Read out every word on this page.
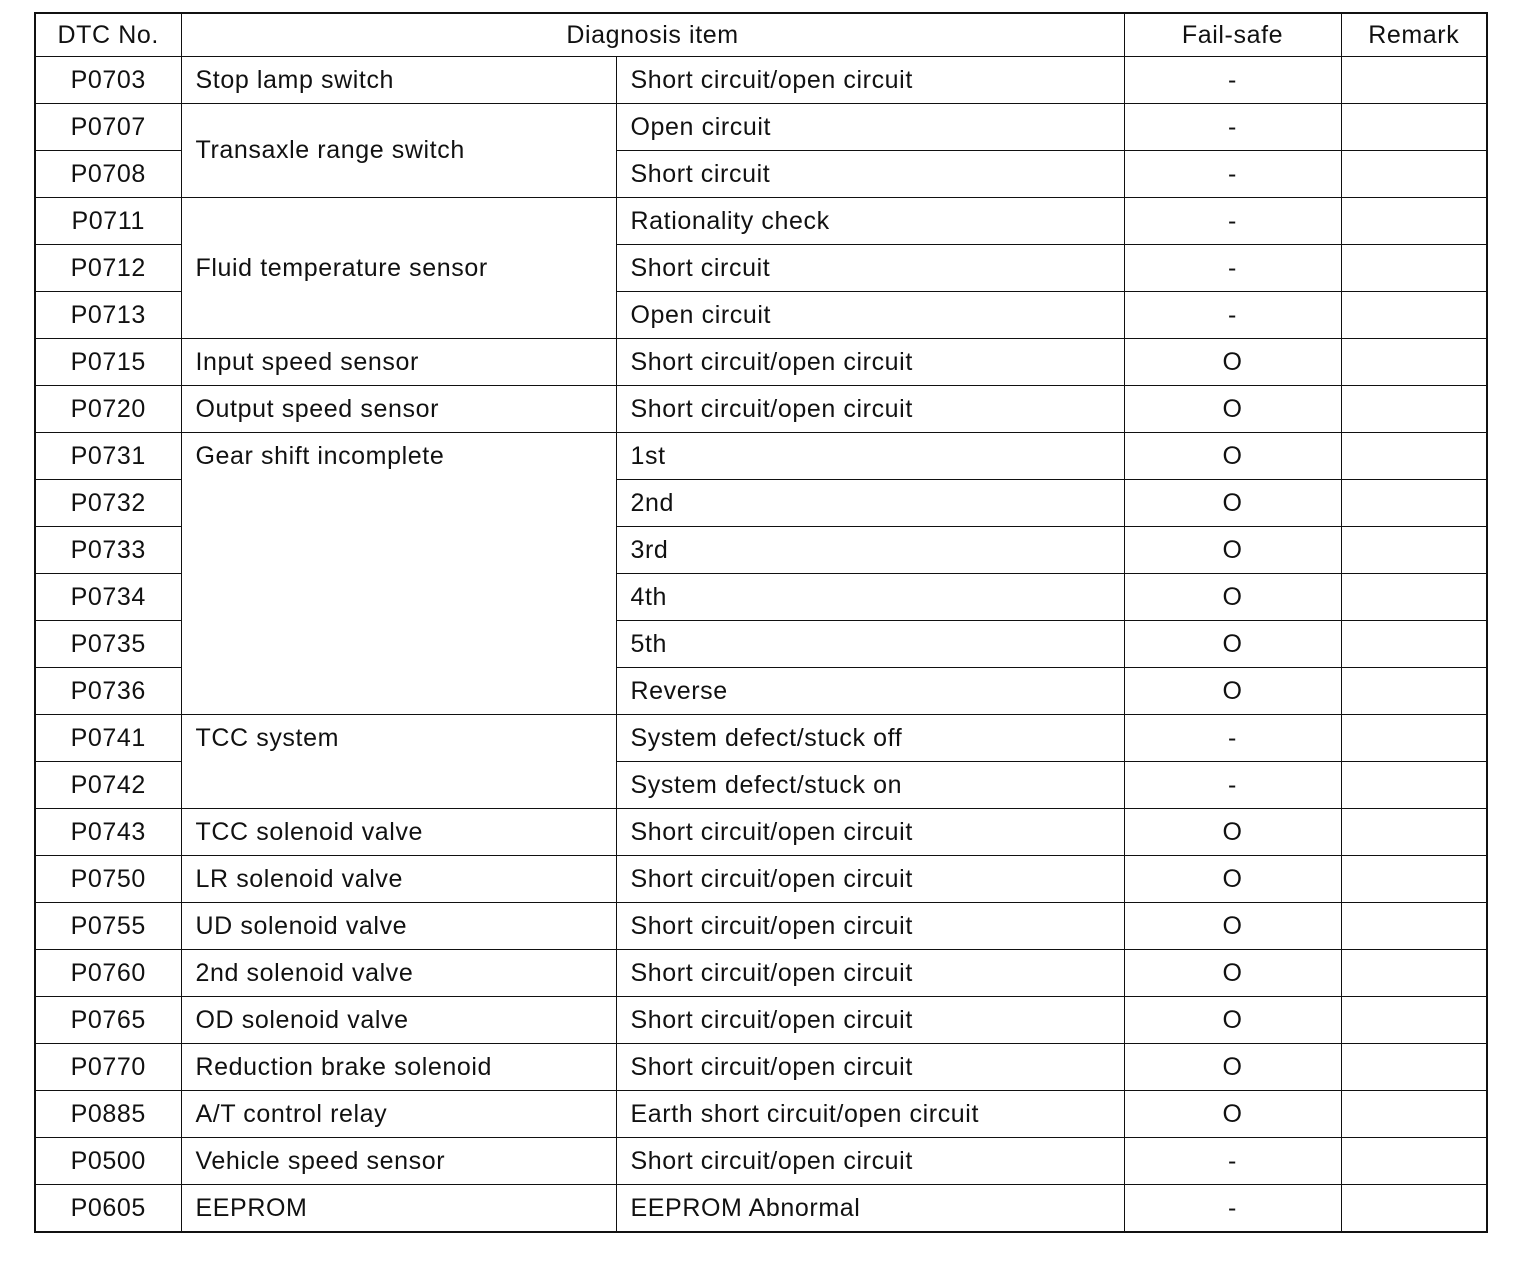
DTC No.	Diagnosis item		Fail-safe	Remark
P0703	Stop lamp switch	Short circuit/open circuit	-	
P0707	Transaxle range switch	Open circuit	-	
P0708		Short circuit	-	
P0711	Fluid temperature sensor	Rationality check	-	
P0712		Short circuit	-	
P0713		Open circuit	-	
P0715	Input speed sensor	Short circuit/open circuit	O	
P0720	Output speed sensor	Short circuit/open circuit	O	
P0731	Gear shift incomplete	1st	O	
P0732		2nd	O	
P0733		3rd	O	
P0734		4th	O	
P0735		5th	O	
P0736		Reverse	O	
P0741	TCC system	System defect/stuck off	-	
P0742		System defect/stuck on	-	
P0743	TCC solenoid valve	Short circuit/open circuit	O	
P0750	LR solenoid valve	Short circuit/open circuit	O	
P0755	UD solenoid valve	Short circuit/open circuit	O	
P0760	2nd solenoid valve	Short circuit/open circuit	O	
P0765	OD solenoid valve	Short circuit/open circuit	O	
P0770	Reduction brake solenoid	Short circuit/open circuit	O	
P0885	A/T control relay	Earth short circuit/open circuit	O	
P0500	Vehicle speed sensor	Short circuit/open circuit	-	
P0605	EEPROM	EEPROM Abnormal	-	
